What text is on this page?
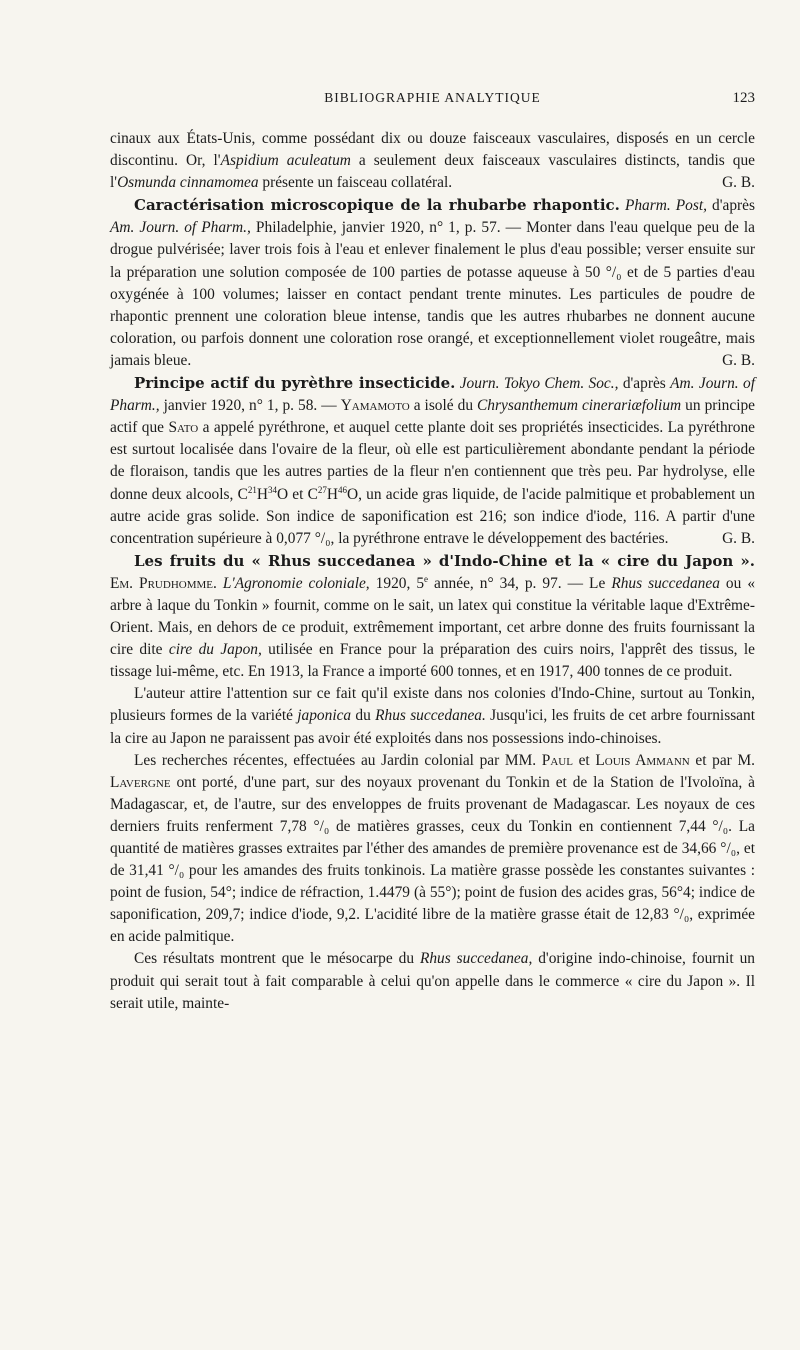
BIBLIOGRAPHIE ANALYTIQUE	123

cinaux aux États-Unis, comme possédant dix ou douze faisceaux vasculaires, disposés en un cercle discontinu. Or, l'Aspidium aculeatum a seulement deux faisceaux vasculaires distincts, tandis que l'Osmunda cinnamomea présente un faisceau collatéral.	G. B.

Caractérisation microscopique de la rhubarbe rhapontic. Pharm. Post, d'après Am. Journ. of Pharm., Philadelphie, janvier 1920, n° 1, p. 57. — Monter dans l'eau quelque peu de la drogue pulvérisée; laver trois fois à l'eau et enlever finalement le plus d'eau possible; verser ensuite sur la préparation une solution composée de 100 parties de potasse aqueuse à 50 °/₀ et de 5 parties d'eau oxygénée à 100 volumes; laisser en contact pendant trente minutes. Les particules de poudre de rhapontic prennent une coloration bleue intense, tandis que les autres rhubarbes ne donnent aucune coloration, ou parfois donnent une coloration rose orangé, et exceptionnellement violet rougeâtre, mais jamais bleue.	G. B.

Principe actif du pyrèthre insecticide. Journ. Tokyo Chem. Soc., d'après Am. Journ. of Pharm., janvier 1920, n° 1, p. 58. — Yamamoto a isolé du Chrysanthemum cinerariæfolium un principe actif que Sato a appelé pyréthrone, et auquel cette plante doit ses propriétés insecticides. La pyréthrone est surtout localisée dans l'ovaire de la fleur, où elle est particulièrement abondante pendant la période de floraison, tandis que les autres parties de la fleur n'en contiennent que très peu. Par hydrolyse, elle donne deux alcools, $C^{21}H^{34}O$ et $C^{27}H^{46}O$, un acide gras liquide, de l'acide palmitique et probablement un autre acide gras solide. Son indice de saponification est 216; son indice d'iode, 116. A partir d'une concentration supérieure à 0,077 °/₀, la pyréthrone entrave le développement des bactéries.	G. B.

Les fruits du « Rhus succedanea » d'Indo-Chine et la « cire du Japon ». Em. Prudhomme. L'Agronomie coloniale, 1920, 5e année, n° 34, p. 97. — Le Rhus succedanea ou « arbre à laque du Tonkin » fournit, comme on le sait, un latex qui constitue la véritable laque d'Extrême-Orient. Mais, en dehors de ce produit, extrêmement important, cet arbre donne des fruits fournissant la cire dite cire du Japon, utilisée en France pour la préparation des cuirs noirs, l'apprêt des tissus, le tissage lui-même, etc. En 1913, la France a importé 600 tonnes, et en 1917, 400 tonnes de ce produit.

L'auteur attire l'attention sur ce fait qu'il existe dans nos colonies d'Indo-Chine, surtout au Tonkin, plusieurs formes de la variété japonica du Rhus succedanea. Jusqu'ici, les fruits de cet arbre fournissant la cire au Japon ne paraissent pas avoir été exploités dans nos possessions indo-chinoises.

Les recherches récentes, effectuées au Jardin colonial par MM. Paul et Louis Ammann et par M. Lavergne ont porté, d'une part, sur des noyaux provenant du Tonkin et de la Station de l'Ivoloïna, à Madagascar, et, de l'autre, sur des enveloppes de fruits provenant de Madagascar. Les noyaux de ces derniers fruits renferment 7,78 °/₀ de matières grasses, ceux du Tonkin en contiennent 7,44 °/₀. La quantité de matières grasses extraites par l'éther des amandes de première provenance est de 34,66 °/₀, et de 31,41 °/₀ pour les amandes des fruits tonkinois. La matière grasse possède les constantes suivantes : point de fusion, 54°; indice de réfraction, 1.4479 (à 55°); point de fusion des acides gras, 56°4; indice de saponification, 209,7; indice d'iode, 9,2. L'acidité libre de la matière grasse était de 12,83 °/₀, exprimée en acide palmitique.

Ces résultats montrent que le mésocarpe du Rhus succedanea, d'origine indo-chinoise, fournit un produit qui serait tout à fait comparable à celui qu'on appelle dans le commerce « cire du Japon ». Il serait utile, mainte-
